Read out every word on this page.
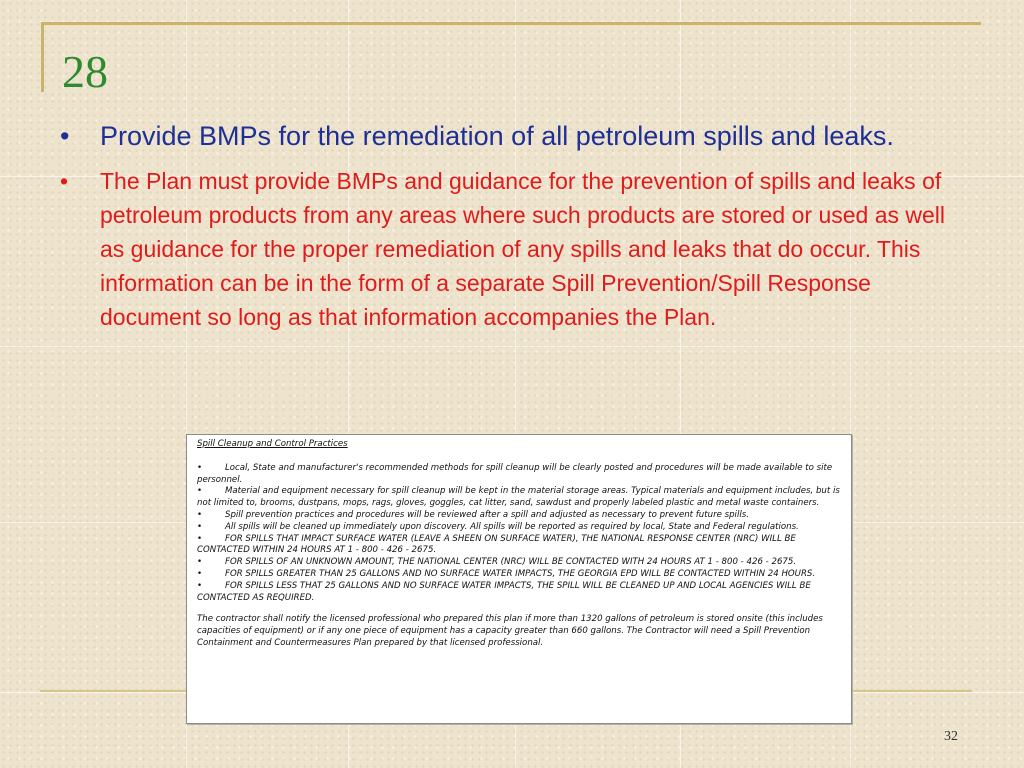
28
• Provide BMPs for the remediation of all petroleum spills and leaks.
• The Plan must provide BMPs and guidance for the prevention of spills and leaks of petroleum products from any areas where such products are stored or used as well as guidance for the proper remediation of any spills and leaks that do occur. This information can be in the form of a separate Spill Prevention/Spill Response document so long as that information accompanies the Plan.

Spill Cleanup and Control Practices

•	Local, State and manufacturer's recommended methods for spill cleanup will be clearly posted and procedures will be made available to site personnel.

•	Material and equipment necessary for spill cleanup will be kept in the material storage areas. Typical materials and equipment includes, but is not limited to, brooms, dustpans, mops, rags, gloves, goggles, cat litter, sand, sawdust and properly labeled plastic and metal waste containers.

•	Spill prevention practices and procedures will be reviewed after a spill and adjusted as necessary to prevent future spills.

•	All spills will be cleaned up immediately upon discovery. All spills will be reported as required by local, State and Federal regulations.

•	FOR SPILLS THAT IMPACT SURFACE WATER (LEAVE A SHEEN ON SURFACE WATER), THE NATIONAL RESPONSE CENTER (NRC) WILL BE CONTACTED WITHIN 24 HOURS AT 1 - 800 - 426 - 2675.

•	FOR SPILLS OF AN UNKNOWN AMOUNT, THE NATIONAL CENTER (NRC) WILL BE CONTACTED WITH 24 HOURS AT 1 - 800 - 426 - 2675.

•	FOR SPILLS GREATER THAN 25 GALLONS AND NO SURFACE WATER IMPACTS, THE GEORGIA EPD WILL BE CONTACTED WITHIN 24 HOURS.

•	FOR SPILLS LESS THAT 25 GALLONS AND NO SURFACE WATER IMPACTS, THE SPILL WILL BE CLEANED UP AND LOCAL AGENCIES WILL BE CONTACTED AS REQUIRED.

The contractor shall notify the licensed professional who prepared this plan if more than 1320 gallons of petroleum is stored onsite (this includes capacities of equipment) or if any one piece of equipment has a capacity greater than 660 gallons. The Contractor will need a Spill Prevention Containment and Countermeasures Plan prepared by that licensed professional.

32
